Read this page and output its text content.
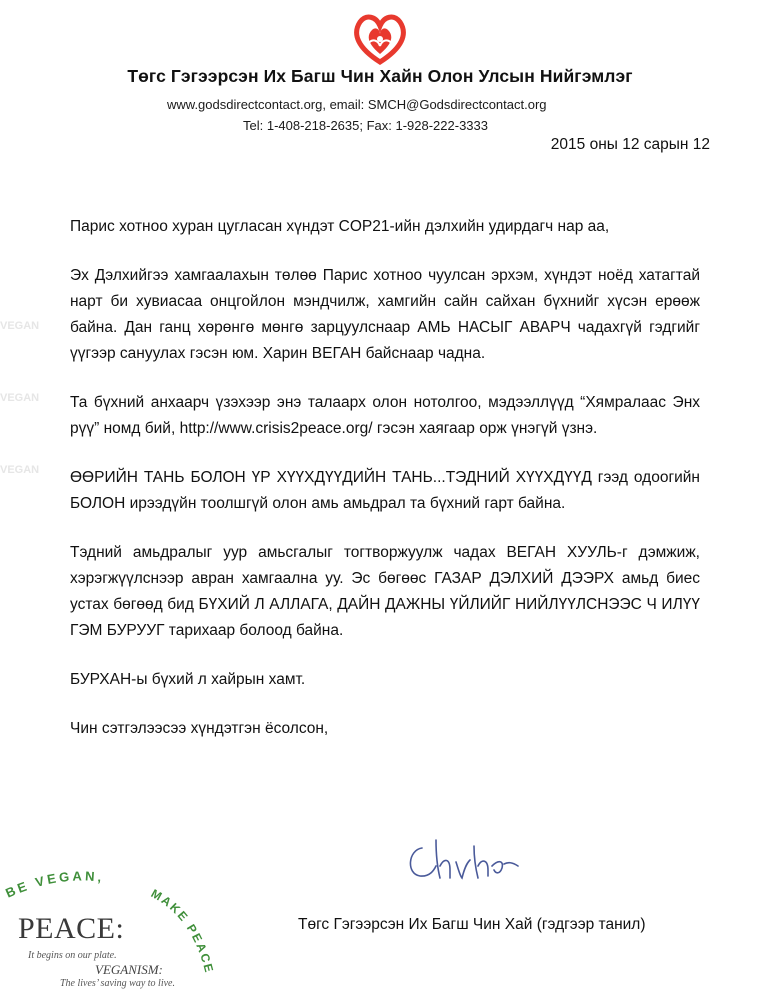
Төгс Гэгээрсэн Их Багш Чин Хайн Олон Улсын Нийгэмлэг
www.godsdirectcontact.org, email: SMCH@Godsdirectcontact.org
Tel: 1-408-218-2635; Fax: 1-928-222-3333
2015 оны 12 сарын 12
VEGAN
VEGAN
VEGAN

Парис хотноо хуран цугласан хүндэт COP21-ийн дэлхийн удирдагч нар аа,

Эх Дэлхийгээ хамгаалахын төлөө Парис хотноо чуулсан эрхэм, хүндэт ноёд хатагтай нарт би хувиасаа онцгойлон мэндчилж, хамгийн сайн сайхан бүхнийг хүсэн ерөөж байна. Дан ганц хөрөнгө мөнгө зарцуулснаар АМЬ НАСЫГ АВАРЧ чадахгүй гэдгийг үүгээр сануулах гэсэн юм. Харин ВЕГАН байснаар чадна.

Та бүхний анхаарч үзэхээр энэ талаарх олон нотолгоо, мэдээллүүд “Хямралаас Энх рүү” номд бий, http://www.crisis2peace.org/ гэсэн хаягаар орж үнэгүй үзнэ.

ӨӨРИЙН ТАНЬ БОЛОН ҮР ХҮҮХДҮҮДИЙН ТАНЬ...ТЭДНИЙ ХҮҮХДҮҮД гээд одоогийн БОЛОН ирээдүйн тоолшгүй олон амь амьдрал та бүхний гарт байна.

Тэдний амьдралыг уур амьсгалыг тогтворжуулж чадах ВЕГАН ХУУЛЬ-г дэмжиж, хэрэгжүүлснээр авран хамгаална уу. Эс бөгөөс ГАЗАР ДЭЛХИЙ ДЭЭРХ амьд биес устах бөгөөд бид БҮХИЙ Л АЛЛАГА, ДАЙН ДАЖНЫ ҮЙЛИЙГ НИЙЛҮҮЛСНЭЭС Ч ИЛҮҮ ГЭМ БУРУУГ тарихаар болоод байна.

БУРХАН-ы бүхий л хайрын хамт.

Чин сэтгэлээсээ хүндэтгэн ёсолсон,

Төгс Гэгээрсэн Их Багш Чин Хай (гэдгээр танил)
BE VEGAN,
MAKE PEACE
PEACE:
It begins on our plate.
VEGANISM:
The lives’ saving way to live.
